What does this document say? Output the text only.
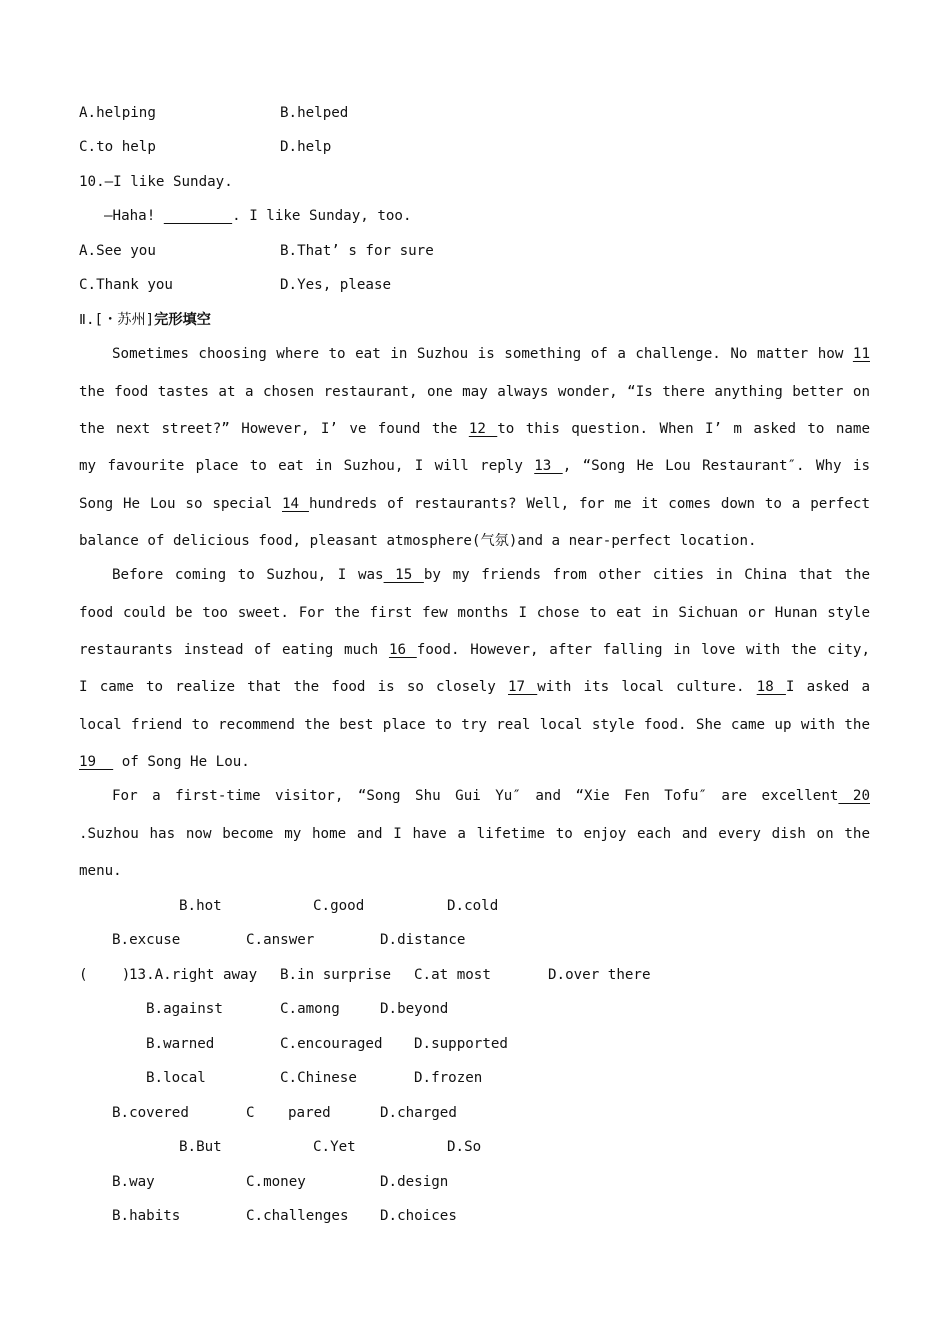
A.helping	B.helped
C.to help	D.help
10.—I like Sunday.
—Haha!	. I like Sunday, too.
A.See you	B.That’ s for sure
C.Thank you	D.Yes, please
Ⅱ.[・苏州]完形填空
Sometimes choosing where to eat in Suzhou is something of a challenge. No matter how 11
the food tastes at a chosen restaurant, one may always wonder, “Is there anything better on
the next street?” However, I’ ve found the 12 to this question. When I’ m asked to name
my favourite place to eat in Suzhou, I will reply 13 , “Song He Lou Restaurant″. Why is
Song He Lou so special 14 hundreds of restaurants? Well, for me it comes down to a perfect
balance of delicious food, pleasant atmosphere(气氛)and a near-perfect location.
Before coming to Suzhou, I was 15 by my friends from other cities in China that the
food could be too sweet. For the first few months I chose to eat in Sichuan or Hunan style
restaurants instead of eating much 16 food. However, after falling in love with the city,
I came to realize that the food is so closely 17 with its local culture. 18 I asked a
local friend to recommend the best place to try real local style food. She came up with the
19   of Song He Lou.
For a first-time visitor, “Song Shu Gui Yu″ and “Xie Fen Tofu″ are excellent 20
.Suzhou has now become my home and I have a lifetime to enjoy each and every dish on the
menu.
B.hot	C.good	D.cold
B.excuse	C.answer	D.distance
(    )
13.A.right away B.in surprise C.at most	D.over there
B.against	C.among	D.beyond
B.warned	C.encouraged D.supported
B.local	C.Chinese	D.frozen
B.covered	C pared	D.charged
B.But	C.Yet	D.So
B.way	C.money	D.design
B.habits	C.challenges D.choices
